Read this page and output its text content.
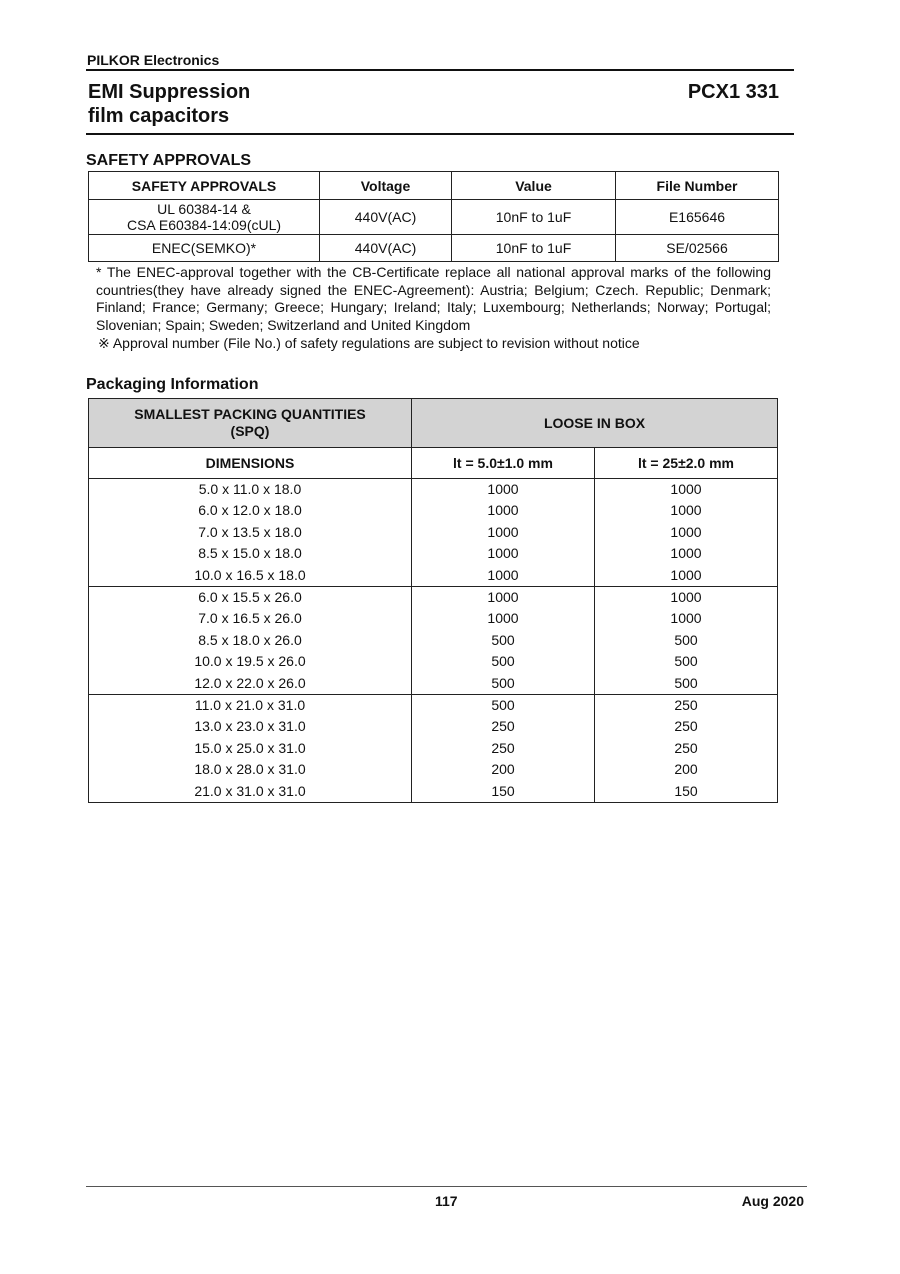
PILKOR Electronics
EMI Suppression
film capacitors
PCX1 331
SAFETY APPROVALS
SAFETY APPROVALS	Voltage	Value	File Number

UL 60384-14 &
CSA E60384-14:09(cUL)	440V(AC)	10nF to 1uF	E165646
ENEC(SEMKO)*	440V(AC)	10nF to 1uF	SE/02566
* The ENEC-approval together with the CB-Certificate replace all national approval marks of the following countries(they have already signed the ENEC-Agreement): Austria; Belgium; Czech. Republic; Denmark; Finland; France; Germany; Greece; Hungary; Ireland; Italy; Luxembourg; Netherlands; Norway; Portugal; Slovenian; Spain; Sweden; Switzerland and United Kingdom
※ Approval number (File No.) of safety regulations are subject to revision without notice
Packaging Information
SMALLEST PACKING QUANTITIES
(SPQ)	LOOSE IN BOX	
DIMENSIONS	lt = 5.0±1.0 mm	lt = 25±2.0 mm
5.0 x 11.0 x 18.0	1000	1000
6.0 x 12.0 x 18.0	1000	1000
7.0 x 13.5 x 18.0	1000	1000
8.5 x 15.0 x 18.0	1000	1000
10.0 x 16.5 x 18.0	1000	1000
6.0 x 15.5 x 26.0	1000	1000
7.0 x 16.5 x 26.0	1000	1000
8.5 x 18.0 x 26.0	500	500
10.0 x 19.5 x 26.0	500	500
12.0 x 22.0 x 26.0	500	500
11.0 x 21.0 x 31.0	500	250
13.0 x 23.0 x 31.0	250	250
15.0 x 25.0 x 31.0	250	250
18.0 x 28.0 x 31.0	200	200
21.0 x 31.0 x 31.0	150	150
117	Aug 2020
